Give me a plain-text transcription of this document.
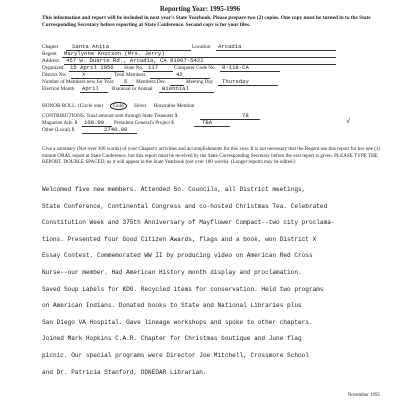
Reporting Year: 1995-1996
This information and report will be included in next year's State Yearbook. Please prepare two (2) copies. One copy must be turned in to the State Corresponding Secretary before reporting at State Conference. Second copy is for your files.
Chapter Santa Anita	Location Arcadia
Regent Marylynne Knutson (Mrs. Jerry)
Address 457 W. Duarte Rd., Arcadia, CA 91007-5422
Organized 15 April 1956 State No. 117	Computer Code No. 8-118-CA
District No.	X	Total Members	42
Number of Members new for Year 5 Members Dec.	Meeting Day Thursday
Election Month April	Biannual or Annual Biennial
HONOR ROLL: (Circle one) Gold Silver Honorable Mention
CONTRIBUTIONS: Total amount sent through State Treasurer $	78
Magazine Adv. $ 100.00 President General's Project $	TBA
Other (Local) $	2740.00
√
Give a summary (Not over 100 words) of your Chapter's activities and accomplishments for this year. It is not necessary that the Regent use this report for her one (1) minute ORAL report at State Conference, but this report must be received by the State Corresponding Secretary before the oral report is given. PLEASE TYPE THE REPORT. DOUBLE SPACED, as it will appear in the State Yearbook (not over 100 words). (Longer reports may be edited.)
Welcomed five new members. Attended So. Councils, all District meetings,
State Conference, Continental Congress and co-hosted Christmas Tea. Celebrated
Constitution Week and 375th Anniversary of Mayflower Compact--two city proclama-
tions. Presented four Good Citizen Awards, flags and a book, won District X
Essay Contest. Commemorated WW II by producing video on American Red Cross
Nurse--our member. Had American History month display and proclamation.
Saved Soup Labels for KDG. Recycled items for conservation. Held two programs
on American Indians. Donated books to State and National Libraries plus
San Diego VA Hospital. Gave lineage workshops and spoke to other chapters.
Joined Mark Hopkins C.A.R. Chapter for Christmas boutique and June flag
picnic. Our special programs were Director Joe Mitchell, Crossmore School
and Dr. Patricia Stanford, DDNEDAR Librarian.
November 1995
